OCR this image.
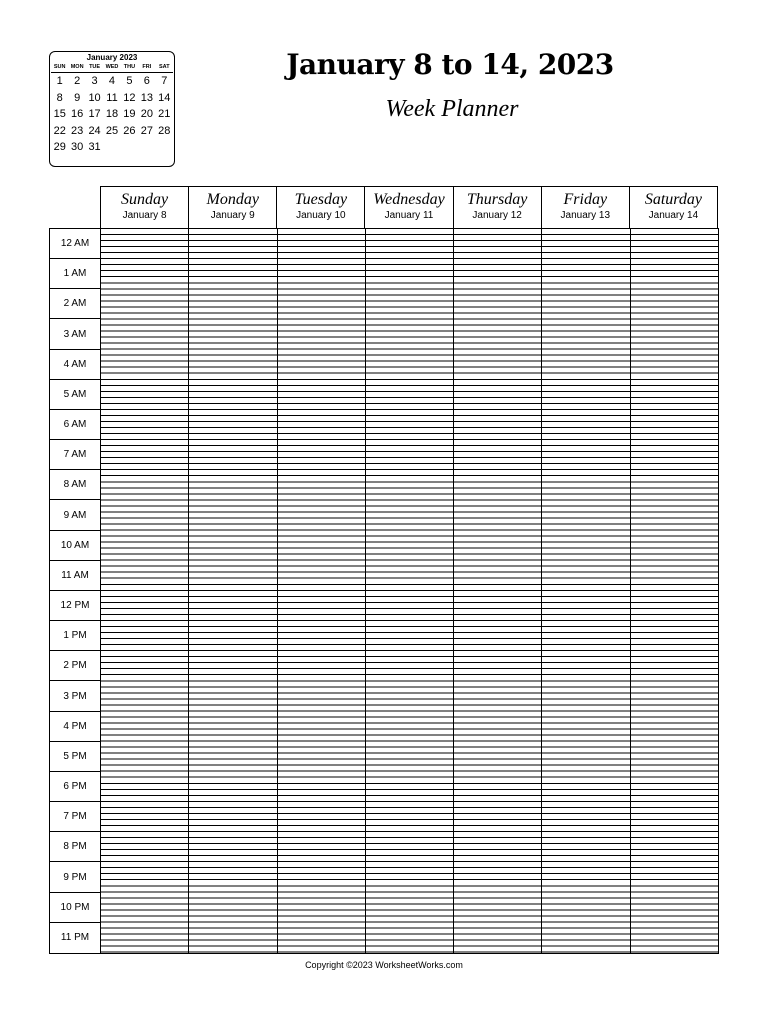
January 2023
SUN MON	TUE	WED THU	FRI	SAT
1	2	3	4	5	6	7
8	9 10 11 12 13 14
15 16 17 18 19 20 21
22 23 24 25 26 27 28
29 30 31
January 8 to 14, 2023
Week Planner
Sunday
January 8
Monday
January 9
Tuesday
January 10
Wednesday
January 11
Thursday
January 12
Friday
January 13
Saturday
January 14
12 AM
1 AM
2 AM
3 AM
4 AM
5 AM
6 AM
7 AM
8 AM
9 AM
10 AM
11 AM
12 PM
1 PM
2 PM
3 PM
4 PM
5 PM
6 PM
7 PM
8 PM
9 PM
10 PM
11 PM
Copyright ©2023 WorksheetWorks.com
